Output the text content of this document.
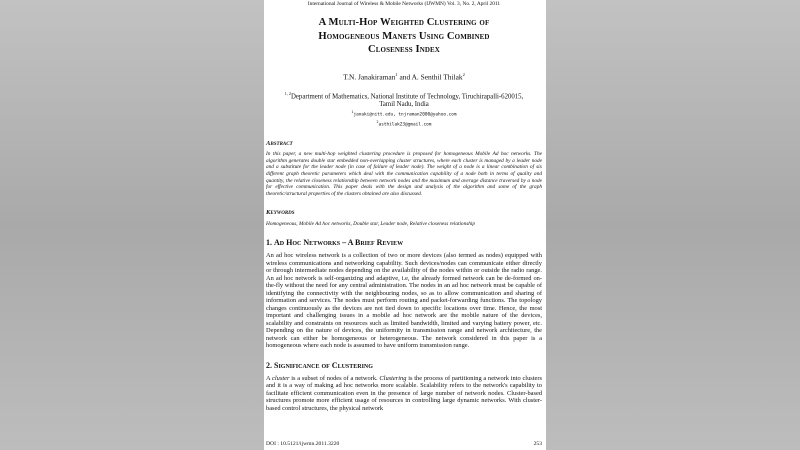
International Journal of Wireless & Mobile Networks (IJWMN) Vol. 3, No. 2, April 2011
A Multi-Hop Weighted Clustering of
Homogeneous Manets Using Combined
Closeness Index
T.N. Janakiraman$^1$ and A. Senthil Thilak$^2$
$^{1, 2}$Department of Mathematics, National Institute of Technology, Tiruchirapalli-620015,
Tamil Nadu, India
$^1$janaki@nitt.edu, tnjraman2000@yahoo.com
$^2$asthilak23@gmail.com
Abstract
In this paper, a new multi-hop weighted clustering procedure is proposed for homogeneous Mobile Ad hoc networks. The algorithm generates double star embedded non-overlapping cluster structures, where each cluster is managed by a leader node and a substitute for the leader node (in case of failure of leader node). The weight of a node is a linear combination of six different graph theoretic parameters which deal with the communication capability of a node both in terms of quality and quantity, the relative closeness relationship between network nodes and the maximum and average distance traversed by a node for effective communication. This paper deals with the design and analysis of the algorithm and some of the graph theoretic/structural properties of the clusters obtained are also discussed.
Keywords
Homogeneous, Mobile Ad hoc networks, Double star, Leader node, Relative closeness relationship
1. Ad Hoc Networks – A Brief Review
An ad hoc wireless network is a collection of two or more devices (also termed as nodes) equipped with wireless communications and networking capability. Such devices/nodes can communicate either directly or through intermediate nodes depending on the availability of the nodes within or outside the radio range. An ad hoc network is self-organizing and adaptive, i.e, the already formed network can be de-formed on-the-fly without the need for any central administration. The nodes in an ad hoc network must be capable of identifying the connectivity with the neighbouring nodes, so as to allow communication and sharing of information and services. The nodes must perform routing and packet-forwarding functions. The topology changes continuously as the devices are not tied down to specific locations over time. Hence, the most important and challenging issues in a mobile ad hoc network are the mobile nature of the devices, scalability and constraints on resources such as limited bandwidth, limited and varying battery power, etc. Depending on the nature of devices, the uniformity in transmission range and network architecture, the network can either be homogeneous or heterogeneous. The network considered in this paper is a homogeneous where each node is assumed to have uniform transmission range.
2. Significance of Clustering
A cluster is a subset of nodes of a network. Clustering is the process of partitioning a network into clusters and it is a way of making ad hoc networks more scalable. Scalability refers to the network's capability to facilitate efficient communication even in the presence of large number of network nodes. Cluster-based structures promote more efficient usage of resources in controlling large dynamic networks. With cluster-based control structures, the physical network
DOI : 10.5121/ijwmn.2011.3220	253
